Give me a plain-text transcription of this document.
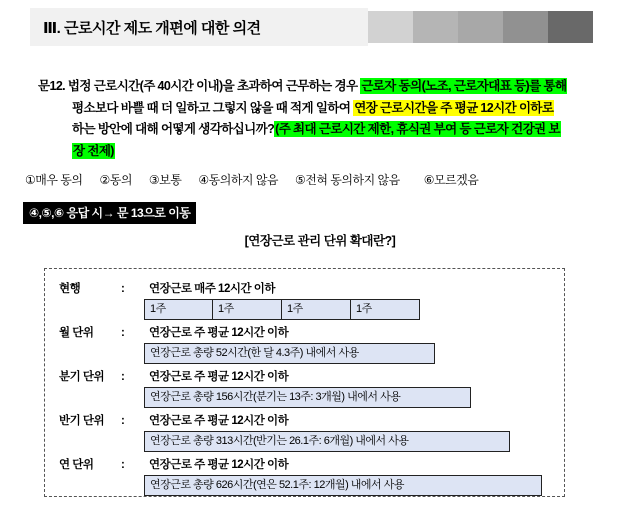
Ⅲ. 근로시간 제도 개편에 대한 의견
문12. 법정 근로시간(주 40시간 이내)을 초과하여 근무하는 경우 근로자 동의(노조, 근로자대표 등)를 통해
평소보다 바쁠 때 더 일하고 그렇지 않을 때 적게 일하여 연장 근로시간을 주 평균 12시간 이하로
하는 방안에 대해 어떻게 생각하십니까?(주 최대 근로시간 제한, 휴식권 부여 등 근로자 건강권 보
장 전제)
①매우 동의 ②동의 ③보통 ④동의하지 않음 ⑤전혀 동의하지 않음 ⑥모르겠음
④,⑤,⑥ 응답 시→ 문 13으로 이동
[연장근로 관리 단위 확대란?]
현행	:	연장근로 매주 12시간 이하
1주	1주	1주	1주
월 단위	:	연장근로 주 평균 12시간 이하
연장근로 총량 52시간(한 달 4.3주) 내에서 사용
분기 단위	:	연장근로 주 평균 12시간 이하
연장근로 총량 156시간(분기는 13주: 3개월) 내에서 사용
반기 단위	:	연장근로 주 평균 12시간 이하
연장근로 총량 313시간(반기는 26.1주: 6개월) 내에서 사용
연 단위	:	연장근로 주 평균 12시간 이하
연장근로 총량 626시간(연은 52.1주: 12개월) 내에서 사용
